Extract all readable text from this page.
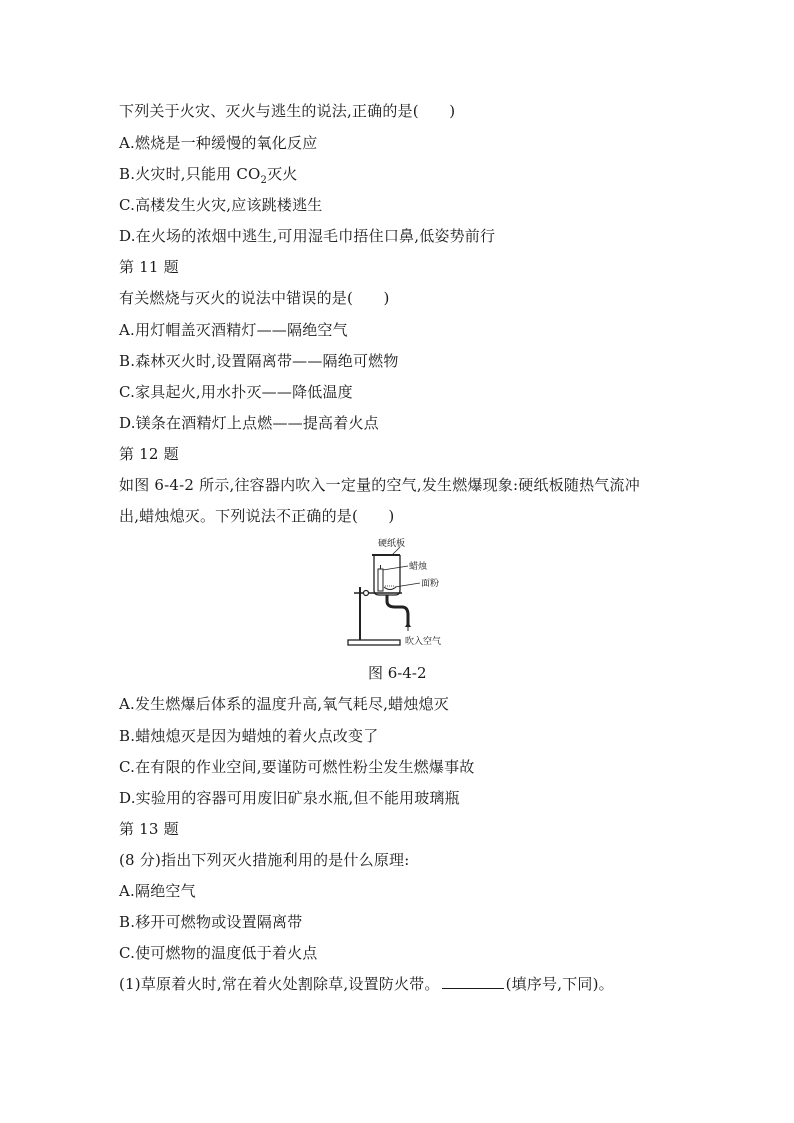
下列关于火灾、灭火与逃生的说法,正确的是(　　)
A.燃烧是一种缓慢的氧化反应
B.火灾时,只能用 $CO_2$灭火
C.高楼发生火灾,应该跳楼逃生
D.在火场的浓烟中逃生,可用湿毛巾捂住口鼻,低姿势前行
第 11 题
有关燃烧与灭火的说法中错误的是(　　)
A.用灯帽盖灭酒精灯——隔绝空气
B.森林灭火时,设置隔离带——隔绝可燃物
C.家具起火,用水扑灭——降低温度
D.镁条在酒精灯上点燃——提高着火点
第 12 题
如图 6-4-2 所示,往容器内吹入一定量的空气,发生燃爆现象:硬纸板随热气流冲
出,蜡烛熄灭。下列说法不正确的是(　　)
硬纸板
蜡烛
面粉
吹入空气
图 6-4-2
A.发生燃爆后体系的温度升高,氧气耗尽,蜡烛熄灭
B.蜡烛熄灭是因为蜡烛的着火点改变了
C.在有限的作业空间,要谨防可燃性粉尘发生燃爆事故
D.实验用的容器可用废旧矿泉水瓶,但不能用玻璃瓶
第 13 题
(8 分)指出下列灭火措施利用的是什么原理:
A.隔绝空气
B.移开可燃物或设置隔离带
C.使可燃物的温度低于着火点
(1)草原着火时,常在着火处割除草,设置防火带。	(填序号,下同)。
